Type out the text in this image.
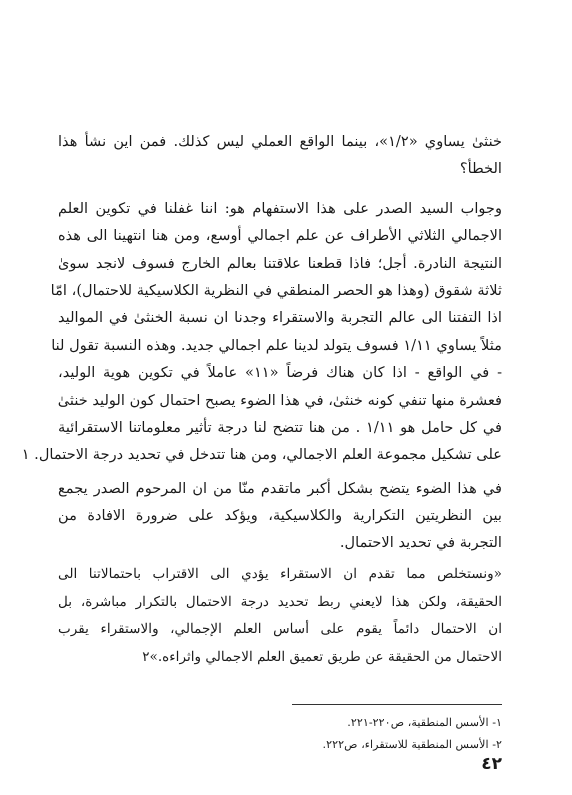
خنثىٰ يساوي «١/٢»، بينما الواقع العملي ليس كذلك. فمن اين نشأ هذا
الخطأ؟
وجواب السيد الصدر على هذا الاستفهام هو: اننا غفلنا في تكوين العلم
الاجمالي الثلاثي الأطراف عن علم اجمالي أوسع، ومن هنا انتهينا الى هذه
النتيجة النادرة. أجل؛ فاذا قطعنا علاقتنا بعالم الخارج فسوف لانجد سوىٰ
ثلاثة شقوق (وهذا هو الحصر المنطقي في النظرية الكلاسيكية للاحتمال)، امّا
اذا التفتنا الى عالم التجربة والاستقراء وجدنا ان نسبة الخنثىٰ في المواليد
مثلاً يساوي ١/١١ فسوف يتولد لدينا علم اجمالي جديد. وهذه النسبة تقول لنا
- في الواقع - اذا كان هناك فرضاً «١١» عاملاً في تكوين هوية الوليد،
فعشرة منها تنفي كونه خنثىٰ، في هذا الضوء يصبح احتمال كون الوليد خنثىٰ
في كل حامل هو ١/١١ . من هنا تتضح لنا درجة تأثير معلوماتنا الاستقرائية
على تشكيل مجموعة العلم الاجمالي، ومن هنا تتدخل في تحديد درجة الاحتمال. ١
في هذا الضوء يتضح بشكل أكبر ماتقدم منّا من ان المرحوم الصدر يجمع
بين النظريتين التكرارية والكلاسيكية، ويؤكد على ضرورة الافادة من
التجربة في تحديد الاحتمال.
«ونستخلص مما تقدم ان الاستقراء يؤدي الى الاقتراب باحتمالاتنا الى
الحقيقة، ولكن هذا لايعني ربط تحديد درجة الاحتمال بالتكرار مباشرة، بل
ان الاحتمال دائماً يقوم على أساس العلم الإجمالي، والاستقراء يقرب
الاحتمال من الحقيقة عن طريق تعميق العلم الاجمالي واثراءه.»٢
١- الأسس المنطقية، ص٢٢٠-٢٢١.
٢- الأسس المنطقية للاستقراء، ص٢٢٢.
٤٢
